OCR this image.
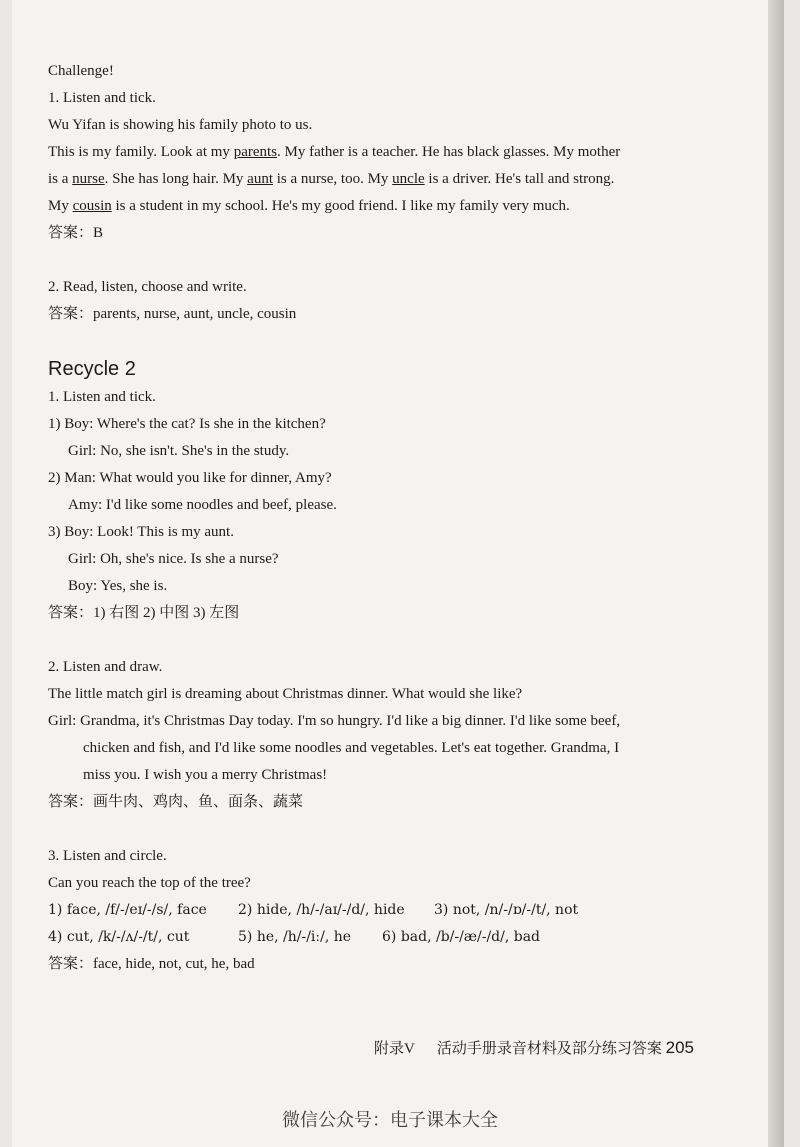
Challenge!
1. Listen and tick.
Wu Yifan is showing his family photo to us.
This is my family. Look at my parents. My father is a teacher. He has black glasses. My mother
is a nurse. She has long hair. My aunt is a nurse, too. My uncle is a driver. He's tall and strong.
My cousin is a student in my school. He's my good friend. I like my family very much.
答案：B
2. Read, listen, choose and write.
答案：parents, nurse, aunt, uncle, cousin
Recycle 2
1. Listen and tick.
1) Boy: Where's the cat? Is she in the kitchen?
Girl: No, she isn't. She's in the study.
2) Man: What would you like for dinner, Amy?
Amy: I'd like some noodles and beef, please.
3) Boy: Look! This is my aunt.
Girl: Oh, she's nice. Is she a nurse?
Boy: Yes, she is.
答案：1) 右图 2) 中图 3) 左图
2. Listen and draw.
The little match girl is dreaming about Christmas dinner. What would she like?
Girl: Grandma, it's Christmas Day today. I'm so hungry. I'd like a big dinner. I'd like some beef,
chicken and fish, and I'd like some noodles and vegetables. Let's eat together. Grandma, I
miss you. I wish you a merry Christmas!
答案：画牛肉、鸡肉、鱼、面条、蔬菜
3. Listen and circle.
Can you reach the top of the tree?
1) face, /f/-/eɪ/-/s/, face 2) hide, /h/-/aɪ/-/d/, hide 3) not, /n/-/ɒ/-/t/, not
4) cut, /k/-/ʌ/-/t/, cut	5) he, /h/-/iː/, he 6) bad, /b/-/æ/-/d/, bad
答案：face, hide, not, cut, he, bad
附录V 活动手册录音材料及部分练习答案 205
微信公众号：电子课本大全
